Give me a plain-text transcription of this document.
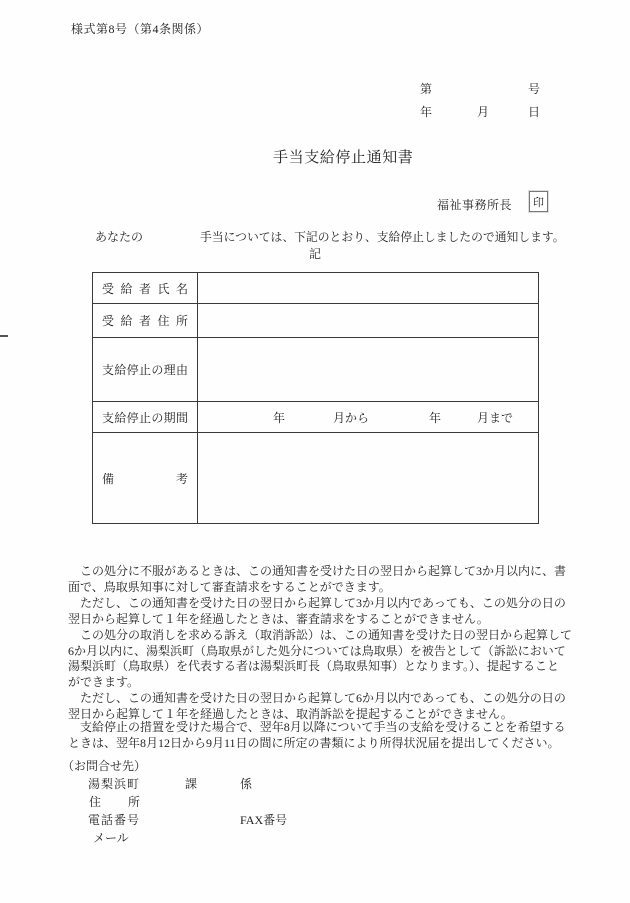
様式第8号（第4条関係）
第	号
年	月	日
手当支給停止通知書
福祉事務所長 印
あなたの	手当については、下記のとおり、支給停止しましたので通知します。
記
受給者氏名
受給者住所
支給停止の理由
支給停止の期間	年　　　　月から　　　　　年　　　月まで
備考
　この処分に不服があるときは、この通知書を受けた日の翌日から起算して3か月以内に、書
面で、鳥取県知事に対して審査請求をすることができます。
　ただし、この通知書を受けた日の翌日から起算して3か月以内であっても、この処分の日の
翌日から起算して１年を経過したときは、審査請求をすることができません。
　この処分の取消しを求める訴え（取消訴訟）は、この通知書を受けた日の翌日から起算して
6か月以内に、湯梨浜町（鳥取県がした処分については鳥取県）を被告として（訴訟において
湯梨浜町（鳥取県）を代表する者は湯梨浜町長（鳥取県知事）となります。）、提起すること
ができます。
　ただし、この通知書を受けた日の翌日から起算して6か月以内であっても、この処分の日の
翌日から起算して１年を経過したときは、取消訴訟を提起することができません。
　支給停止の措置を受けた場合で、翌年8月以降について手当の支給を受けることを希望する
ときは、翌年8月12日から9月11日の間に所定の書類により所得状況届を提出してください。
（お問合せ先）
湯梨浜町	課	係
住　　所
電話番号	FAX番号
メール
